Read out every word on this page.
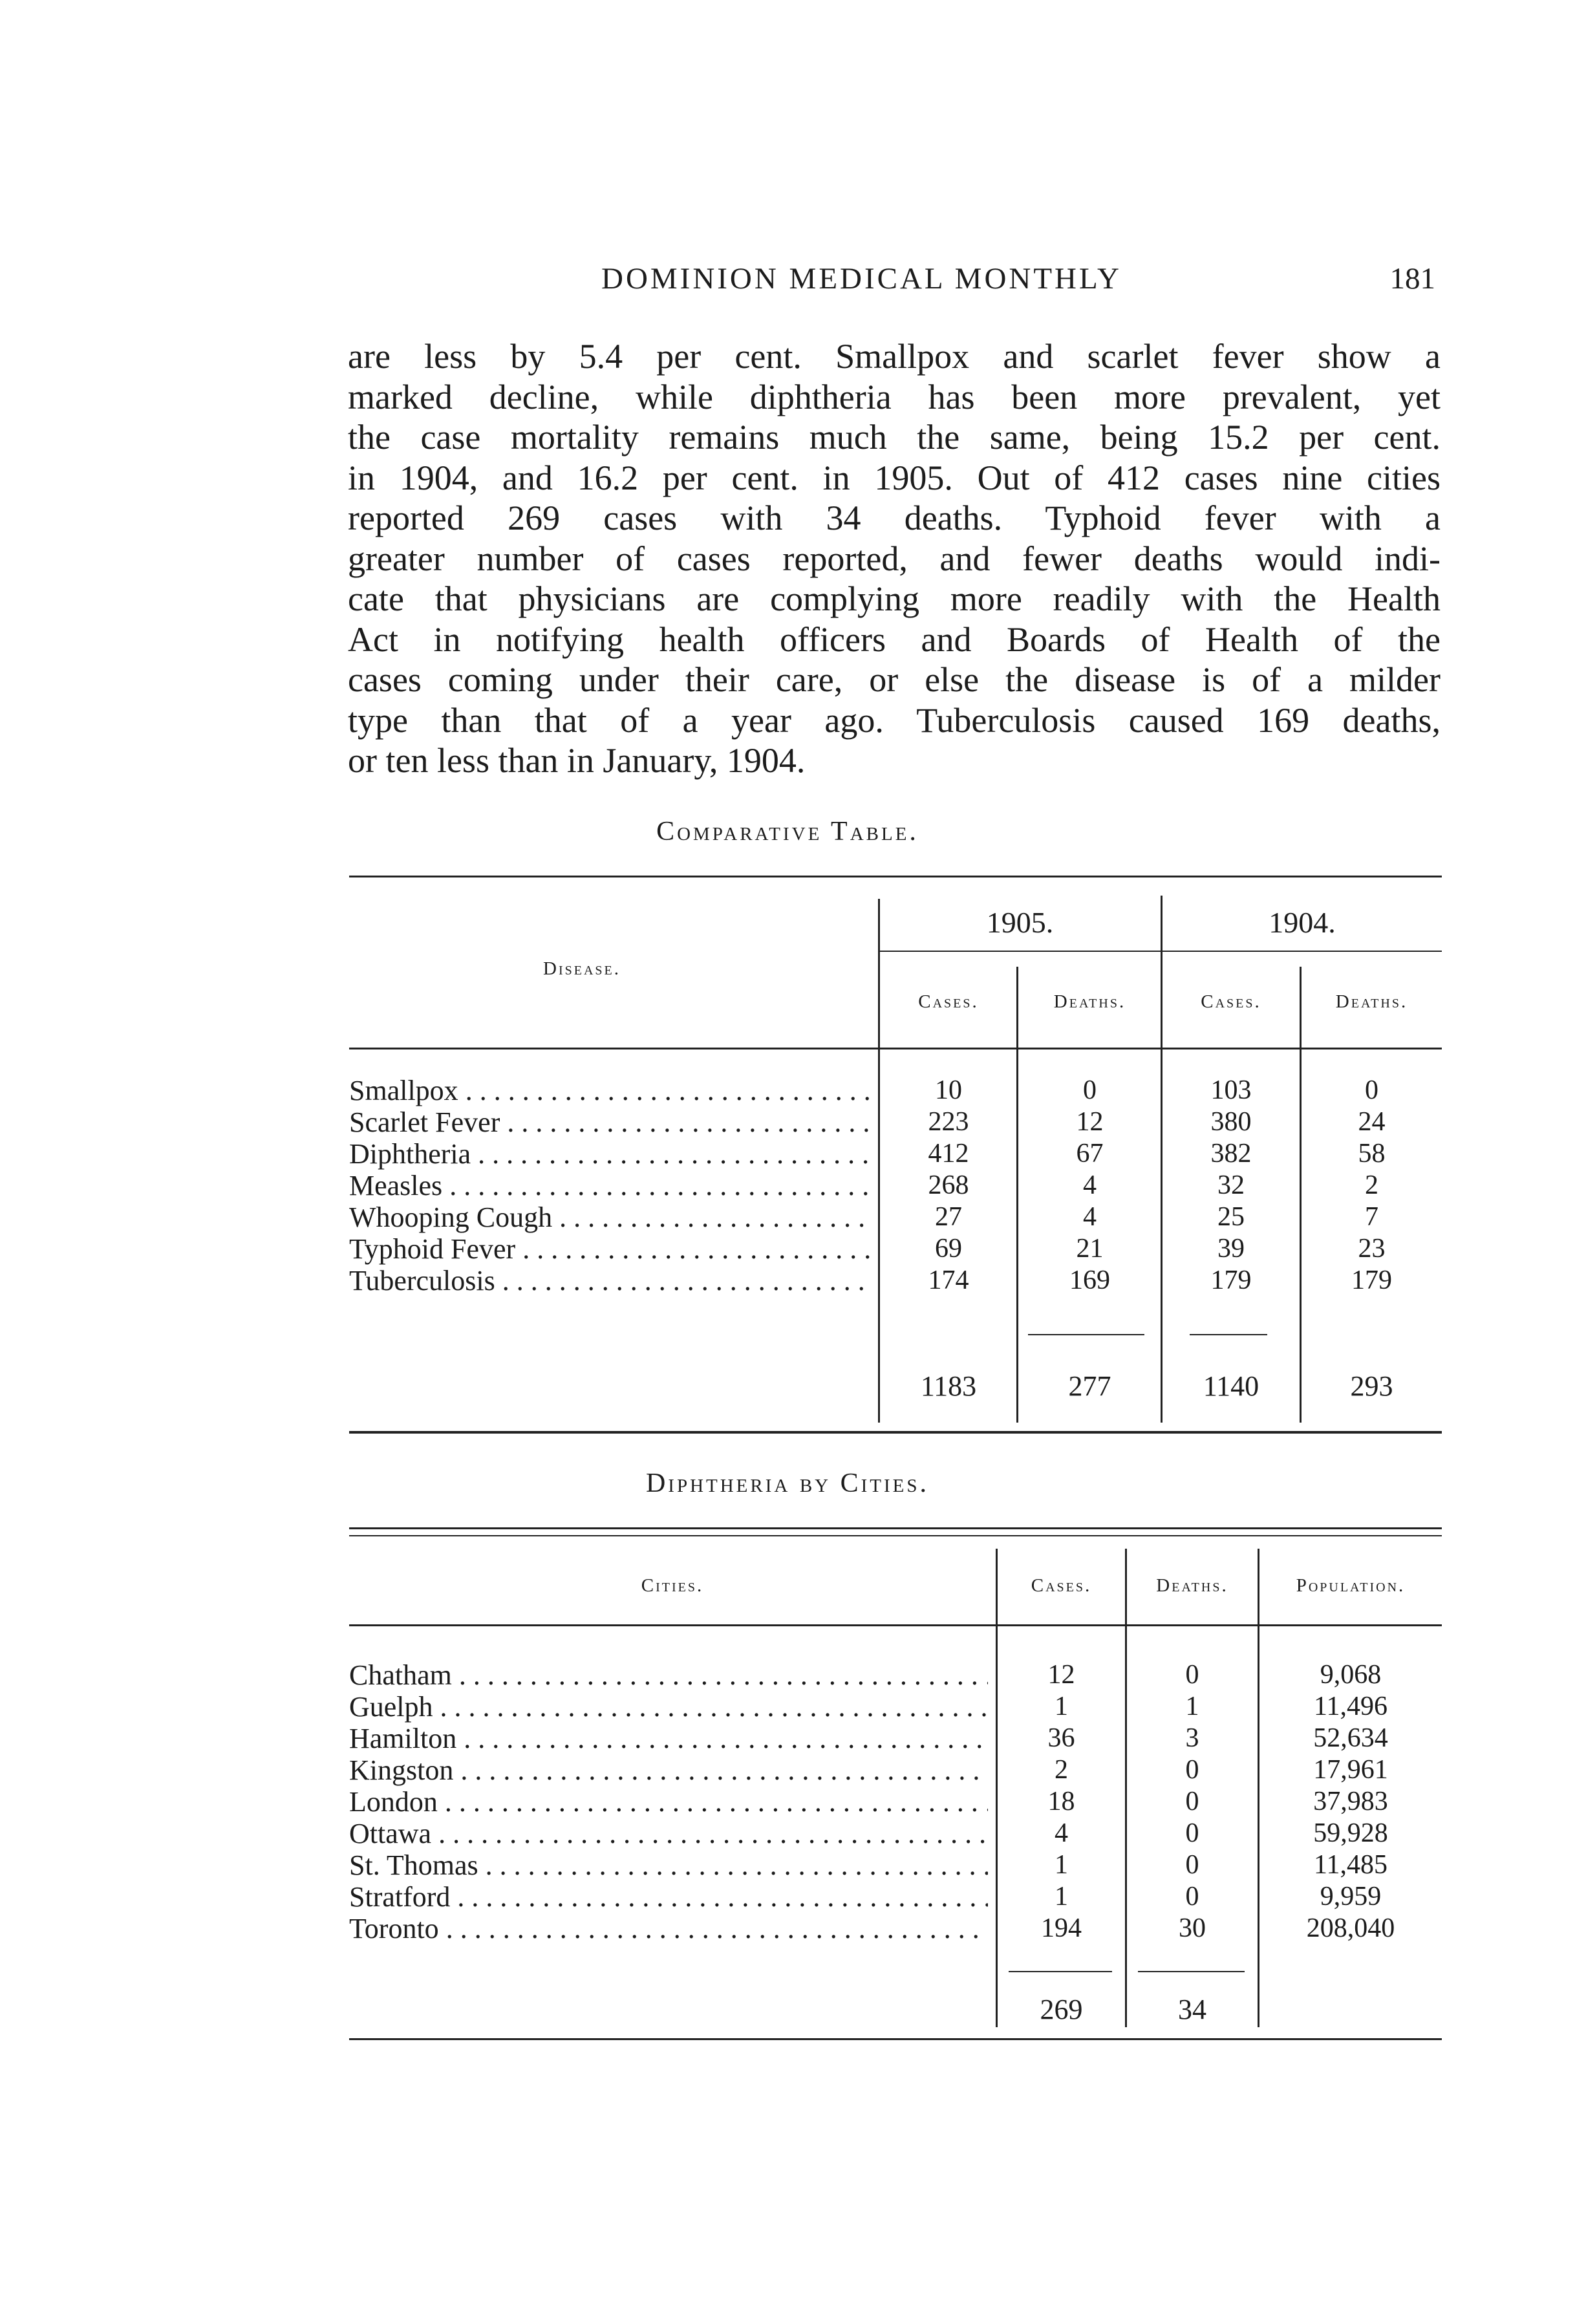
DOMINION MEDICAL MONTHLY	181
are less by 5.4 per cent. Smallpox and scarlet fever show a
marked decline, while diphtheria has been more prevalent, yet
the case mortality remains much the same, being 15.2 per cent.
in 1904, and 16.2 per cent. in 1905. Out of 412 cases nine cities
reported 269 cases with 34 deaths. Typhoid fever with a
greater number of cases reported, and fewer deaths would indi-
cate that physicians are complying more readily with the Health
Act in notifying health officers and Boards of Health of the
cases coming under their care, or else the disease is of a milder
type than that of a year ago. Tuberculosis caused 169 deaths,
or ten less than in January, 1904.
Comparative Table.
Disease.
1905.	1904.
Cases.	Deaths.	Cases.	Deaths.
Smallpox . . .	10	0	103	0
Scarlet Fever . . .	223	12	380	24
Diphtheria . . .	412	67	382	58
Measles . . .	268	4	32	2
Whooping Cough . . .	27	4	25	7
Typhoid Fever . . .	69	21	39	23
Tuberculosis . . .	174	169	179	179
1183	277	1140	293
Diphtheria by Cities.
Cities.	Cases.	Deaths.	Population.
Chatham . . .	12	0	9,068
Guelph . . .	1	1	11,496
Hamilton . . .	36	3	52,634
Kingston . . .	2	0	17,961
London . . .	18	0	37,983
Ottawa . . .	4	0	59,928
St. Thomas . . .	1	0	11,485
Stratford . . .	1	0	9,959
Toronto . . .	194	30	208,040
269	34
